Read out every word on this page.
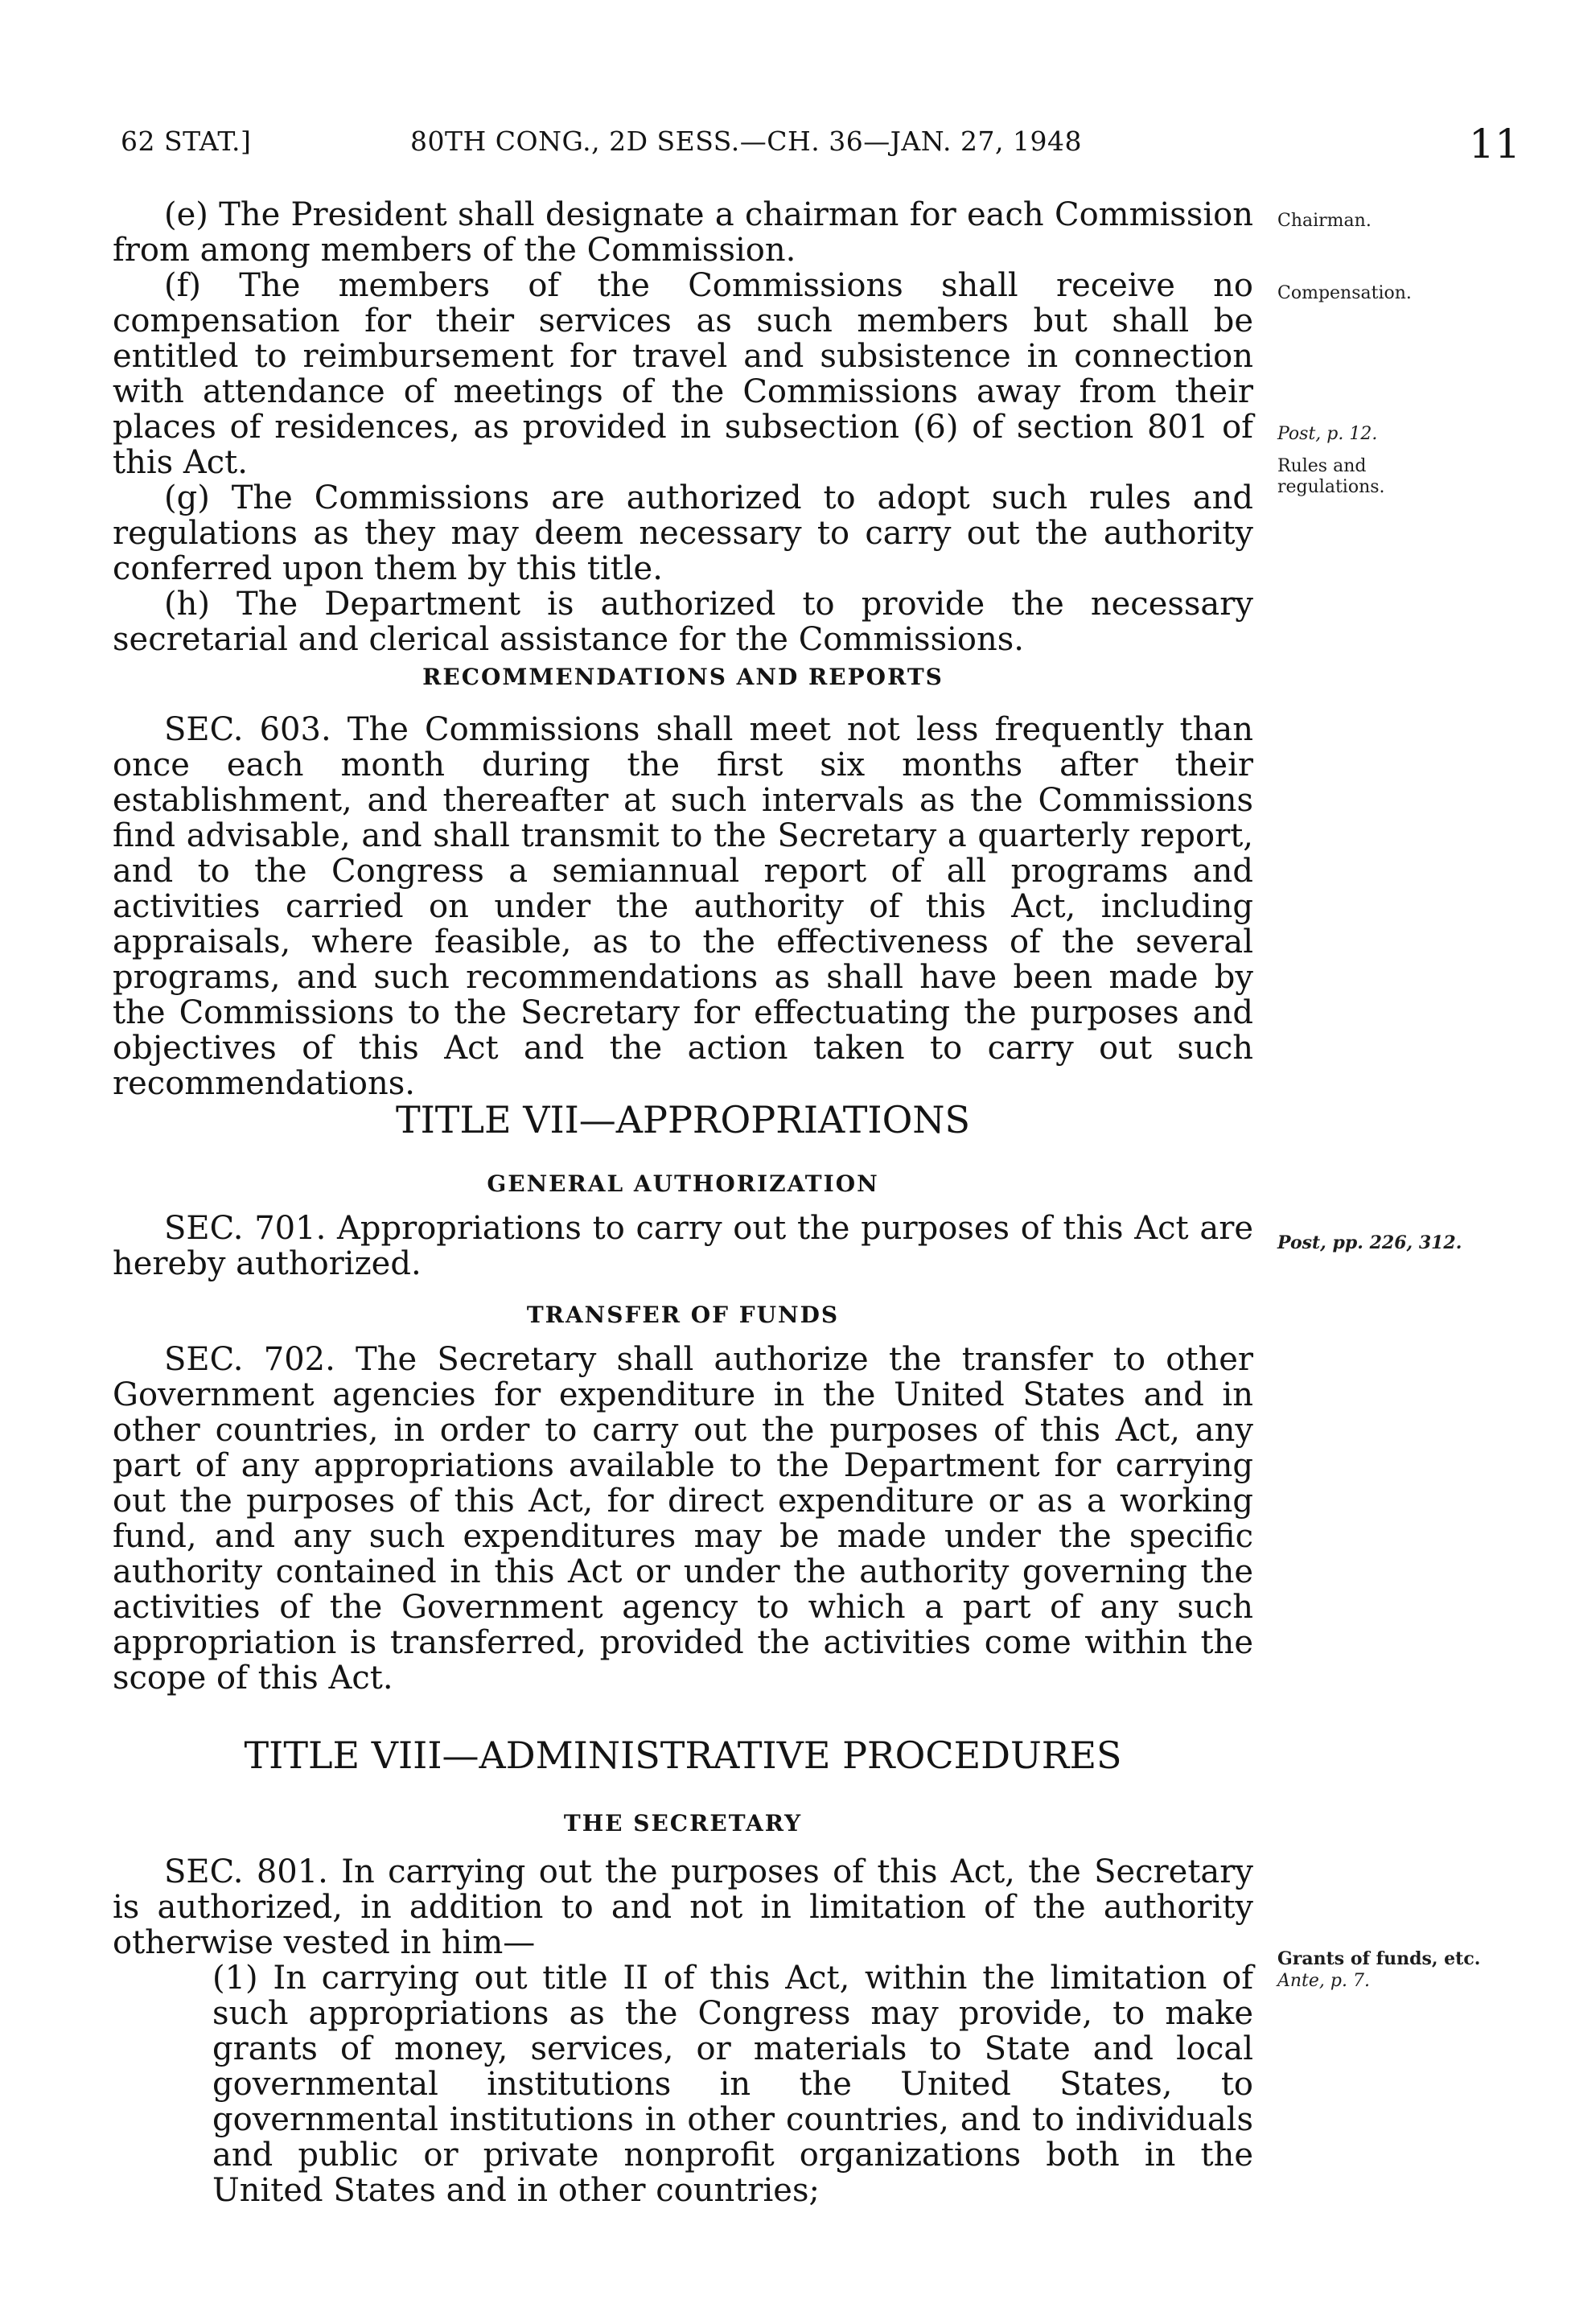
62 STAT.]	80TH CONG., 2D SESS.—CH. 36—JAN. 27, 1948	11

(e) The President shall designate a chairman for each Commission from among members of the Commission.

(f) The members of the Commissions shall receive no compensation for their services as such members but shall be entitled to reimbursement for travel and subsistence in connection with attendance of meetings of the Commissions away from their places of residences, as provided in subsection (6) of section 801 of this Act.

(g) The Commissions are authorized to adopt such rules and regulations as they may deem necessary to carry out the authority conferred upon them by this title.

(h) The Department is authorized to provide the necessary secretarial and clerical assistance for the Commissions.

RECOMMENDATIONS AND REPORTS

SEC. 603. The Commissions shall meet not less frequently than once each month during the first six months after their establishment, and thereafter at such intervals as the Commissions find advisable, and shall transmit to the Secretary a quarterly report, and to the Congress a semiannual report of all programs and activities carried on under the authority of this Act, including appraisals, where feasible, as to the effectiveness of the several programs, and such recommendations as shall have been made by the Commissions to the Secretary for effectuating the purposes and objectives of this Act and the action taken to carry out such recommendations.

TITLE VII—APPROPRIATIONS
GENERAL AUTHORIZATION

SEC. 701. Appropriations to carry out the purposes of this Act are hereby authorized.

TRANSFER OF FUNDS

SEC. 702. The Secretary shall authorize the transfer to other Government agencies for expenditure in the United States and in other countries, in order to carry out the purposes of this Act, any part of any appropriations available to the Department for carrying out the purposes of this Act, for direct expenditure or as a working fund, and any such expenditures may be made under the specific authority contained in this Act or under the authority governing the activities of the Government agency to which a part of any such appropriation is transferred, provided the activities come within the scope of this Act.

TITLE VIII—ADMINISTRATIVE PROCEDURES
THE SECRETARY

SEC. 801. In carrying out the purposes of this Act, the Secretary is authorized, in addition to and not in limitation of the authority otherwise vested in him—

(1) In carrying out title II of this Act, within the limitation of such appropriations as the Congress may provide, to make grants of money, services, or materials to State and local governmental institutions in the United States, to governmental institutions in other countries, and to individuals and public or private nonprofit organizations both in the United States and in other countries;

Chairman.
Compensation.
Post, p. 12.
Rules and regulations.
Post, pp. 226, 312.
Grants of funds, etc.
Ante, p. 7.
